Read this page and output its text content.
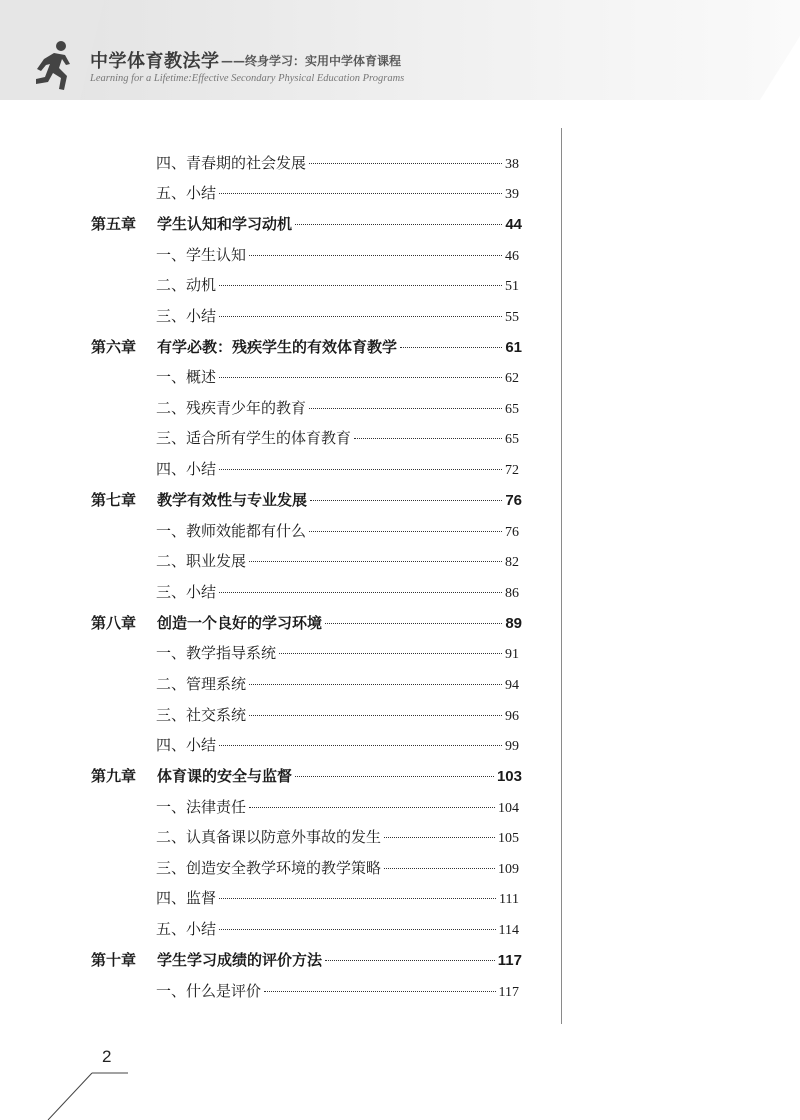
中学体育教法学 ——终身学习：实用中学体育课程
Learning for a Lifetime:Effective Secondary Physical Education Programs
四、青春期的社会发展	38
五、小结	39
第五章	学生认知和学习动机	44
一、学生认知	46
二、动机	51
三、小结	55
第六章	有学必教：残疾学生的有效体育教学	61
一、概述	62
二、残疾青少年的教育	65
三、适合所有学生的体育教育	65
四、小结	72
第七章	教学有效性与专业发展	76
一、教师效能都有什么	76
二、职业发展	82
三、小结	86
第八章	创造一个良好的学习环境	89
一、教学指导系统	91
二、管理系统	94
三、社交系统	96
四、小结	99
第九章	体育课的安全与监督	103
一、法律责任	104
二、认真备课以防意外事故的发生	105
三、创造安全教学环境的教学策略	109
四、监督	111
五、小结	114
第十章	学生学习成绩的评价方法	117
一、什么是评价	117
2
